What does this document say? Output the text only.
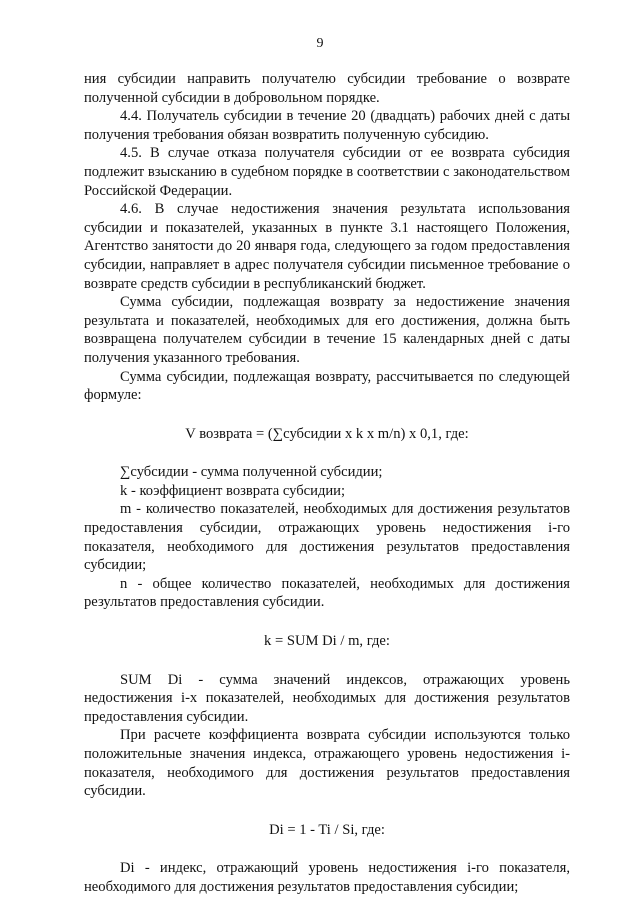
9

ния субсидии направить получателю субсидии требование о возврате полученной субсидии в добровольном порядке.

4.4. Получатель субсидии в течение 20 (двадцать) рабочих дней с даты получения требования обязан возвратить полученную субсидию.

4.5. В случае отказа получателя субсидии от ее возврата субсидия подлежит взысканию в судебном порядке в соответствии с законодательством Российской Федерации.

4.6. В случае недостижения значения результата использования субсидии и показателей, указанных в пункте 3.1 настоящего Положения, Агентство занятости до 20 января года, следующего за годом предоставления субсидии, направляет в адрес получателя субсидии письменное требование о возврате средств субсидии в республиканский бюджет.

Сумма субсидии, подлежащая возврату за недостижение значения результата и показателей, необходимых для его достижения, должна быть возвращена получателем субсидии в течение 15 календарных дней с даты получения указанного требования.

Сумма субсидии, подлежащая возврату, рассчитывается по следующей формуле:

V возврата = (∑субсидии x k x m/n) x 0,1, где:

∑субсидии - сумма полученной субсидии;

k - коэффициент возврата субсидии;

m - количество показателей, необходимых для достижения результатов предоставления субсидии, отражающих уровень недостижения i-го показателя, необходимого для достижения результатов предоставления субсидии;

n - общее количество показателей, необходимых для достижения результатов предоставления субсидии.

k = SUM Di / m, где:

SUM Di - сумма значений индексов, отражающих уровень недостижения i-х показателей, необходимых для достижения результатов предоставления субсидии.

При расчете коэффициента возврата субсидии используются только положительные значения индекса, отражающего уровень недостижения i-показателя, необходимого для достижения результатов предоставления субсидии.

Di = 1 - Ti / Si, где:

Di - индекс, отражающий уровень недостижения i-го показателя, необходимого для достижения результатов предоставления субсидии;
